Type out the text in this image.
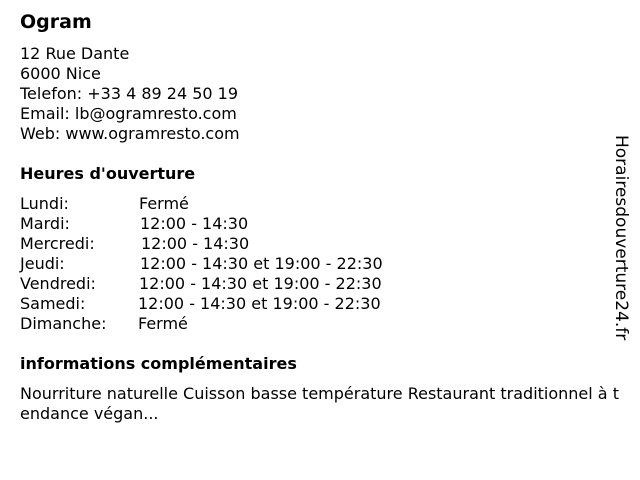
Ogram
12 Rue Dante
6000 Nice
Telefon: +33 4 89 24 50 19
Email: lb@ogramresto.com
Web: www.ogramresto.com
Heures d'ouverture
Lundi:	Fermé
Mardi:	12:00 - 14:30
Mercredi:	12:00 - 14:30
Jeudi:	12:00 - 14:30 et 19:00 - 22:30
Vendredi:	12:00 - 14:30 et 19:00 - 22:30
Samedi:	12:00 - 14:30 et 19:00 - 22:30
Dimanche: Fermé
informations complémentaires
Nourriture naturelle Cuisson basse température Restaurant traditionnel à tendance végan...
Horairesdouverture24.fr
